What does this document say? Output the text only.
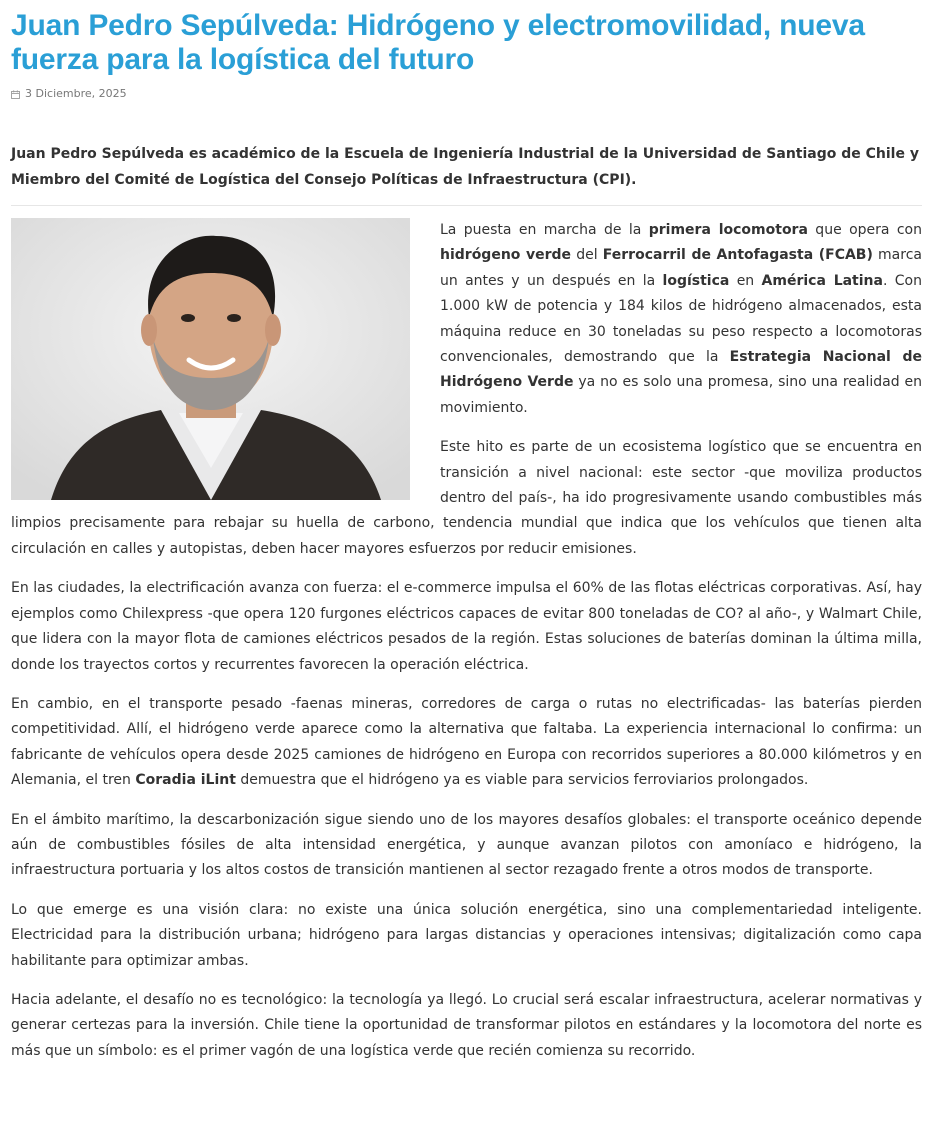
Juan Pedro Sepúlveda: Hidrógeno y electromovilidad, nueva fuerza para la logística del futuro
3 Diciembre, 2025
Juan Pedro Sepúlveda es académico de la Escuela de Ingeniería Industrial de la Universidad de Santiago de Chile y Miembro del Comité de Logística del Consejo Políticas de Infraestructura (CPI).

La puesta en marcha de la primera locomotora que opera con hidrógeno verde del Ferrocarril de Antofagasta (FCAB) marca un antes y un después en la logística en América Latina. Con 1.000 kW de potencia y 184 kilos de hidrógeno almacenados, esta máquina reduce en 30 toneladas su peso respecto a locomotoras convencionales, demostrando que la Estrategia Nacional de Hidrógeno Verde ya no es solo una promesa, sino una realidad en movimiento.

Este hito es parte de un ecosistema logístico que se encuentra en transición a nivel nacional: este sector -que moviliza productos dentro del país-, ha ido progresivamente usando combustibles más limpios precisamente para rebajar su huella de carbono, tendencia mundial que indica que los vehículos que tienen alta circulación en calles y autopistas, deben hacer mayores esfuerzos por reducir emisiones.

En las ciudades, la electrificación avanza con fuerza: el e-commerce impulsa el 60% de las flotas eléctricas corporativas. Así, hay ejemplos como Chilexpress -que opera 120 furgones eléctricos capaces de evitar 800 toneladas de CO? al año-, y Walmart Chile, que lidera con la mayor flota de camiones eléctricos pesados de la región. Estas soluciones de baterías dominan la última milla, donde los trayectos cortos y recurrentes favorecen la operación eléctrica.

En cambio, en el transporte pesado -faenas mineras, corredores de carga o rutas no electrificadas- las baterías pierden competitividad. Allí, el hidrógeno verde aparece como la alternativa que faltaba. La experiencia internacional lo confirma: un fabricante de vehículos opera desde 2025 camiones de hidrógeno en Europa con recorridos superiores a 80.000 kilómetros y en Alemania, el tren Coradia iLint demuestra que el hidrógeno ya es viable para servicios ferroviarios prolongados.

En el ámbito marítimo, la descarbonización sigue siendo uno de los mayores desafíos globales: el transporte oceánico depende aún de combustibles fósiles de alta intensidad energética, y aunque avanzan pilotos con amoníaco e hidrógeno, la infraestructura portuaria y los altos costos de transición mantienen al sector rezagado frente a otros modos de transporte.

Lo que emerge es una visión clara: no existe una única solución energética, sino una complementariedad inteligente. Electricidad para la distribución urbana; hidrógeno para largas distancias y operaciones intensivas; digitalización como capa habilitante para optimizar ambas.

Hacia adelante, el desafío no es tecnológico: la tecnología ya llegó. Lo crucial será escalar infraestructura, acelerar normativas y generar certezas para la inversión. Chile tiene la oportunidad de transformar pilotos en estándares y la locomotora del norte es más que un símbolo: es el primer vagón de una logística verde que recién comienza su recorrido.
